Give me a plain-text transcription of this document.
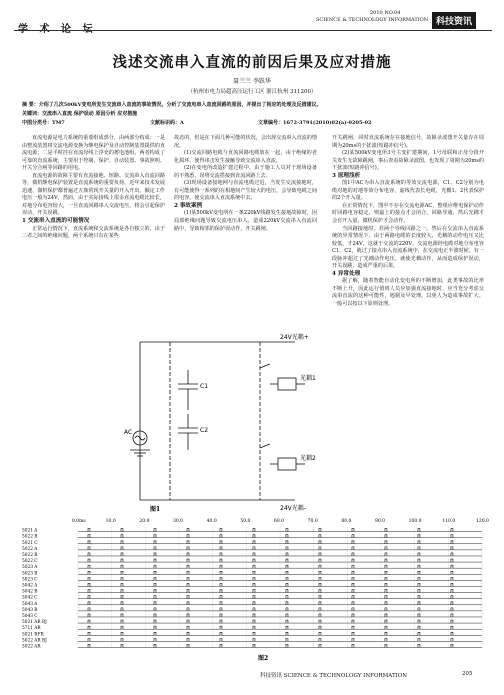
2010 NO.04
SCIENCE & TECHNOLOGY INFORMATION 科技资讯
浅述交流串入直流的前因后果及应对措施
聂兰兰 李跃华
（杭州市电力局超高压运行工区 浙江杭州 311200）
摘 要：介绍了几次500kV变电所发生交流串入直流的事故情况，分析了交流电串入直流回路的原因，并提出了相应的处理及反措建议。
关键词：交流串入直流 保护误动 原因分析 应对措施
中图分类号：TM7	文献标识码：A	文章编号：1672-3791(2010)02(a)-0205-02
直流电源是电力系统的重要组成部分，由两部分构成：一是由整流装置将交流电源变换为继电保护及自动控制装置提供的直流电源；二是平时挂在直流母线上浮充的蓄电池组，两者构成了可靠的直流系统，主要用于控制、保护、自动装置、事故照明、开关分合闸等回路的用电。
直流电源的故障主要有直流接地、短路、交流串入直流回路等，微机继电保护装置是直流系统的重要负荷，近年来技术发展迅速，微机保护都普遍过五瓶常现开关量的开入开出，额定工作电压一般为24V，然而，由于实际接线上很多直流电缆比较长，对地分布电容较大，一旦直流回路串入交流电压，将会引起保护误动，开关误跳。
1 交流串入直流的可能情况
正常运行情况下，直流系统和交流系统是各自独立的，由于二者之间的绝缘问题，两个系统只有在某些
故态的，但是在下面几种可能的状况，会出现交流串入直流的情况。
(1)交流回路电缆与直流回路电缆放在一起，由于绝缘的老化损坏，使得串击发生接触导致交流串入直流。
(2)在变电所改造扩建过程中，由于施工人员对于现场设备的不熟悉，误将交流搭接到直流回路上去。
(3)现场设备接地网与直流电缆过近，当发生交流接地时，有可能使得一系列的在相地间产生较大的电压，会导致电缆之间的电容，使交流串入直流系统中去。
2 事故案例
(1)某500kV变电所在一条220kV线路发生接地故障时，因局部绝缘问题导致交流电压串入，造成220kV交流串入直流回路中，导致相邻的保护误动作，开关跳闸。
开关跳闸，同时直流系统存在接地信号，故障录波图开关量存在周期为20ms的干扰波(短路冲信号)。
(2)某500kV变电所3号主变扩建期间，1号母联和正母分段开关发生无故障跳闸，事后查看故障录波图，也发现了周期为20ms的干扰波(短路冲信号)。
3 原理浅析
图1中AC为串入直流系统的等效交流电源，C1、C2分别为电缆对地的对地等效分布电容，虚线代表长电缆，光耦1、2代表保护的2个开入量。
在正常情况下，图中不存在交流电源AC，整组应维电保护动作时回路电容稳定，则最上的接点才会闭合，回路导通，然后光耦才会有开入量，微机保护才会动作。
当回路接地时，若两个导线回路之一，然后在交流串入直流系统的异常情况下，由于两路电缆的长度较大，光耦的动作电压又比较低，才24V，这就于交流的220V，交流电源经电缆对地分布电容C1、C2，就过了接点串入直流系统中，在交流电正半波时候，有一段脉冲超过了光耦动作电压，就使光耦动作，从而造成保护误动，开关误跳，造成严重的后果。
4 异常处理
据了解，随着智能自动化变电所的不断增加，此类事故的比率不断上升，因此运行值班人员应加强直流接地时，应当充分考虑交流串直流的这种可能性，遏制及早处理，以免人为造成事故扩大。一般可以按以下原则处理。
24V光耦+
光耦1
光耦2
24V光耦-
C1
C2
AC
图1
0.0ms	10.0	20.0	30.0	40.0	50.0	60.0	70.0	80.0	90.0	100.0	110.0	120.0
5021 A
5022 B
5021 C
5022 A
5022 B
5022 C
5023 A
5023 B
5023 C
5042 A
5042 B
5042 C
5043 A
5043 B
5043 C
5021 AR BJ
5711 AR
5021 RFR
5022 AR BJ
5022 AR
图2
科技资讯 SCIENCE & TECHNOLOGY INFORMATION	205
